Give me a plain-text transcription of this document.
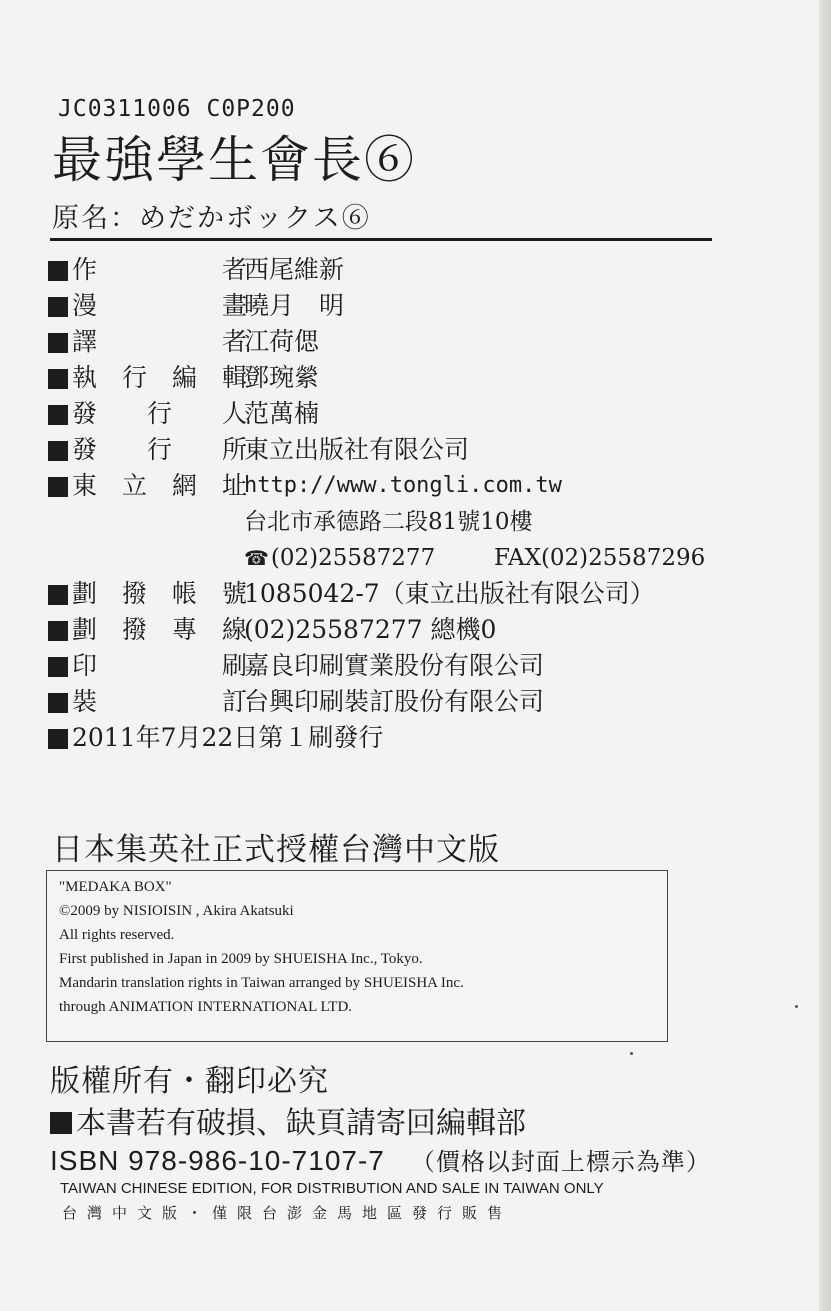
JC0311006 C0P200
最強學生會長⑥
原名：めだかボックス⑥
作　　者
西尾維新
漫　　畫
曉月　明
譯　　者
江荷偲
執行編輯
鄧琬縈
發 行 人
范萬楠
發 行 所
東立出版社有限公司
東立網址
http://www.tongli.com.tw
台北市承德路二段81號10樓
☎(02)25587277	FAX(02)25587296
劃撥帳號
1085042-7（東立出版社有限公司）
劃撥專線
(02)25587277 總機0
印　　刷
嘉良印刷實業股份有限公司
裝　　訂
台興印刷裝訂股份有限公司
2011年7月22日第１刷發行
日本集英社正式授權台灣中文版
"MEDAKA BOX"
©2009 by NISIOISIN , Akira Akatsuki
All rights reserved.
First published in Japan in 2009 by SHUEISHA Inc., Tokyo.
Mandarin translation rights in Taiwan arranged by SHUEISHA Inc.
through ANIMATION INTERNATIONAL LTD.
版權所有・翻印必究
本書若有破損、缺頁請寄回編輯部
ISBN 978-986-10-7107-7 （價格以封面上標示為準）
TAIWAN CHINESE EDITION, FOR DISTRIBUTION AND SALE IN TAIWAN ONLY
台灣中文版・僅限台澎金馬地區發行販售
